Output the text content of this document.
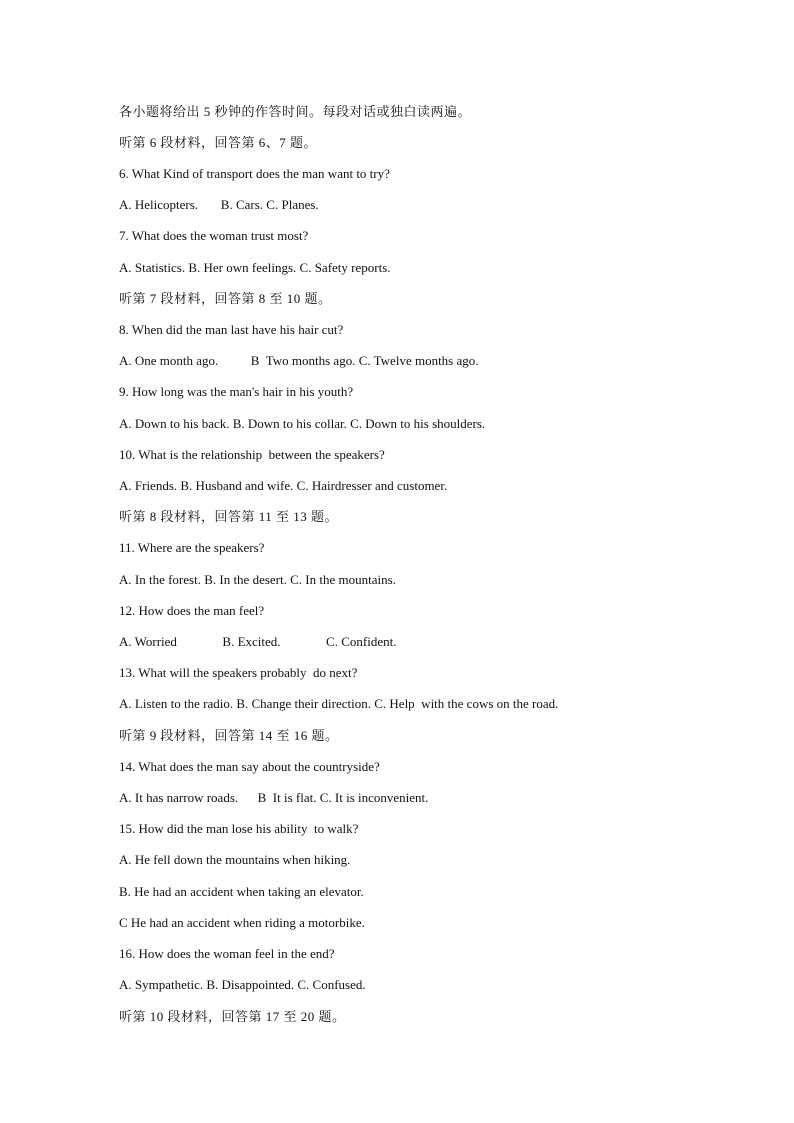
各小题将给出 5 秒钟的作答时间。每段对话或独白读两遍。
听第 6 段材料，回答第 6、7 题。
6. What Kind of transport does the man want to try?
A. Helicopters.       B. Cars. C. Planes.
7. What does the woman trust most?
A. Statistics. B. Her own feelings. C. Safety reports.
听第 7 段材料，回答第 8 至 10 题。
8. When did the man last have his hair cut?
A. One month ago.          B  Two months ago. C. Twelve months ago.
9. How long was the man's hair in his youth?
A. Down to his back. B. Down to his collar. C. Down to his shoulders.
10. What is the relationship  between the speakers?
A. Friends. B. Husband and wife. C. Hairdresser and customer.
听第 8 段材料，回答第 11 至 13 题。
11. Where are the speakers?
A. In the forest. B. In the desert. C. In the mountains.
12. How does the man feel?
A. Worried              B. Excited.              C. Confident.
13. What will the speakers probably  do next?
A. Listen to the radio. B. Change their direction. C. Help  with the cows on the road.
听第 9 段材料，回答第 14 至 16 题。
14. What does the man say about the countryside?
A. It has narrow roads.      B  It is flat. C. It is inconvenient.
15. How did the man lose his ability  to walk?
A. He fell down the mountains when hiking.
B. He had an accident when taking an elevator.
C He had an accident when riding a motorbike.
16. How does the woman feel in the end?
A. Sympathetic. B. Disappointed. C. Confused.
听第 10 段材料，回答第 17 至 20 题。
